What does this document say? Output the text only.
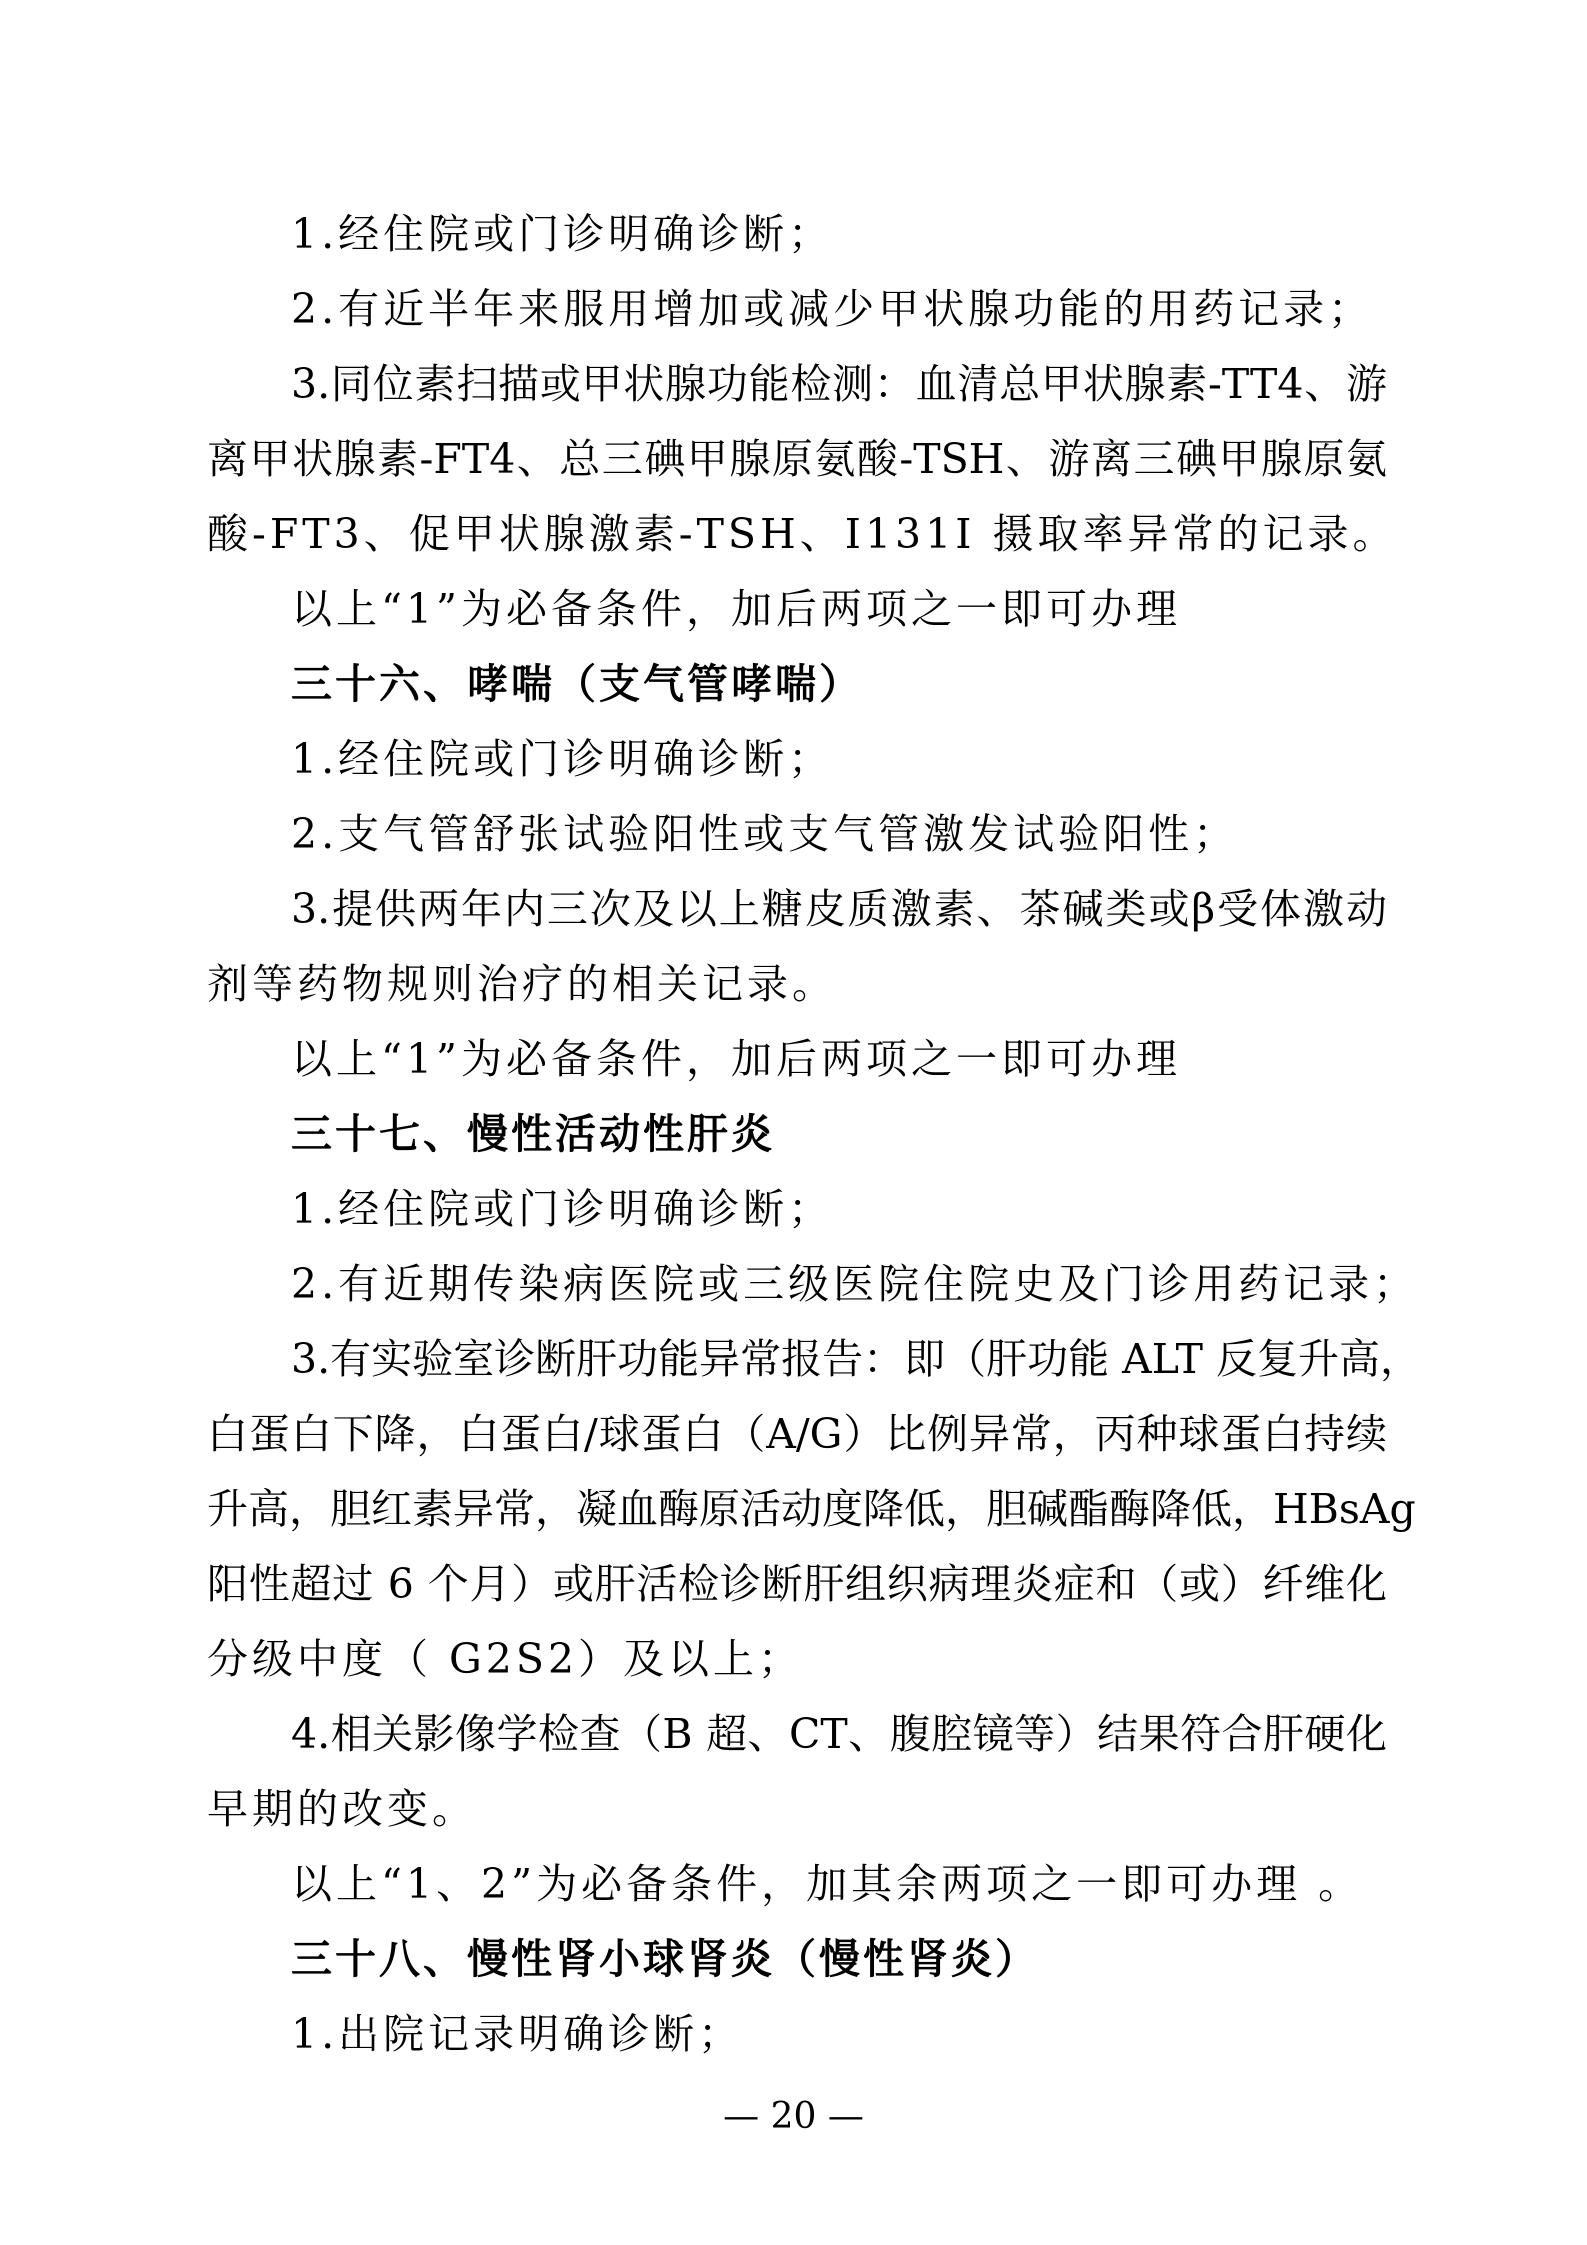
1.经住院或门诊明确诊断；
2.有近半年来服用增加或减少甲状腺功能的用药记录；
3.同位素扫描或甲状腺功能检测：血清总甲状腺素-TT4、游
离甲状腺素-FT4、总三碘甲腺原氨酸-TSH、游离三碘甲腺原氨
酸-FT3、促甲状腺激素-TSH、I131I 摄取率异常的记录。
以上“1”为必备条件，加后两项之一即可办理
三十六、哮喘（支气管哮喘）
1.经住院或门诊明确诊断；
2.支气管舒张试验阳性或支气管激发试验阳性；
3.提供两年内三次及以上糖皮质激素、茶碱类或β受体激动
剂等药物规则治疗的相关记录。
以上“1”为必备条件，加后两项之一即可办理
三十七、慢性活动性肝炎
1.经住院或门诊明确诊断；
2.有近期传染病医院或三级医院住院史及门诊用药记录；
3.有实验室诊断肝功能异常报告：即（肝功能 ALT 反复升高，
白蛋白下降，白蛋白/球蛋白（A/G）比例异常，丙种球蛋白持续
升高，胆红素异常，凝血酶原活动度降低，胆碱酯酶降低，HBsAg
阳性超过 6 个月）或肝活检诊断肝组织病理炎症和（或）纤维化
分级中度（ G2S2）及以上；
4.相关影像学检查（B 超、CT、腹腔镜等）结果符合肝硬化
早期的改变。
以上“1、2”为必备条件，加其余两项之一即可办理 。
三十八、慢性肾小球肾炎（慢性肾炎）
1.出院记录明确诊断；
— 20 —
